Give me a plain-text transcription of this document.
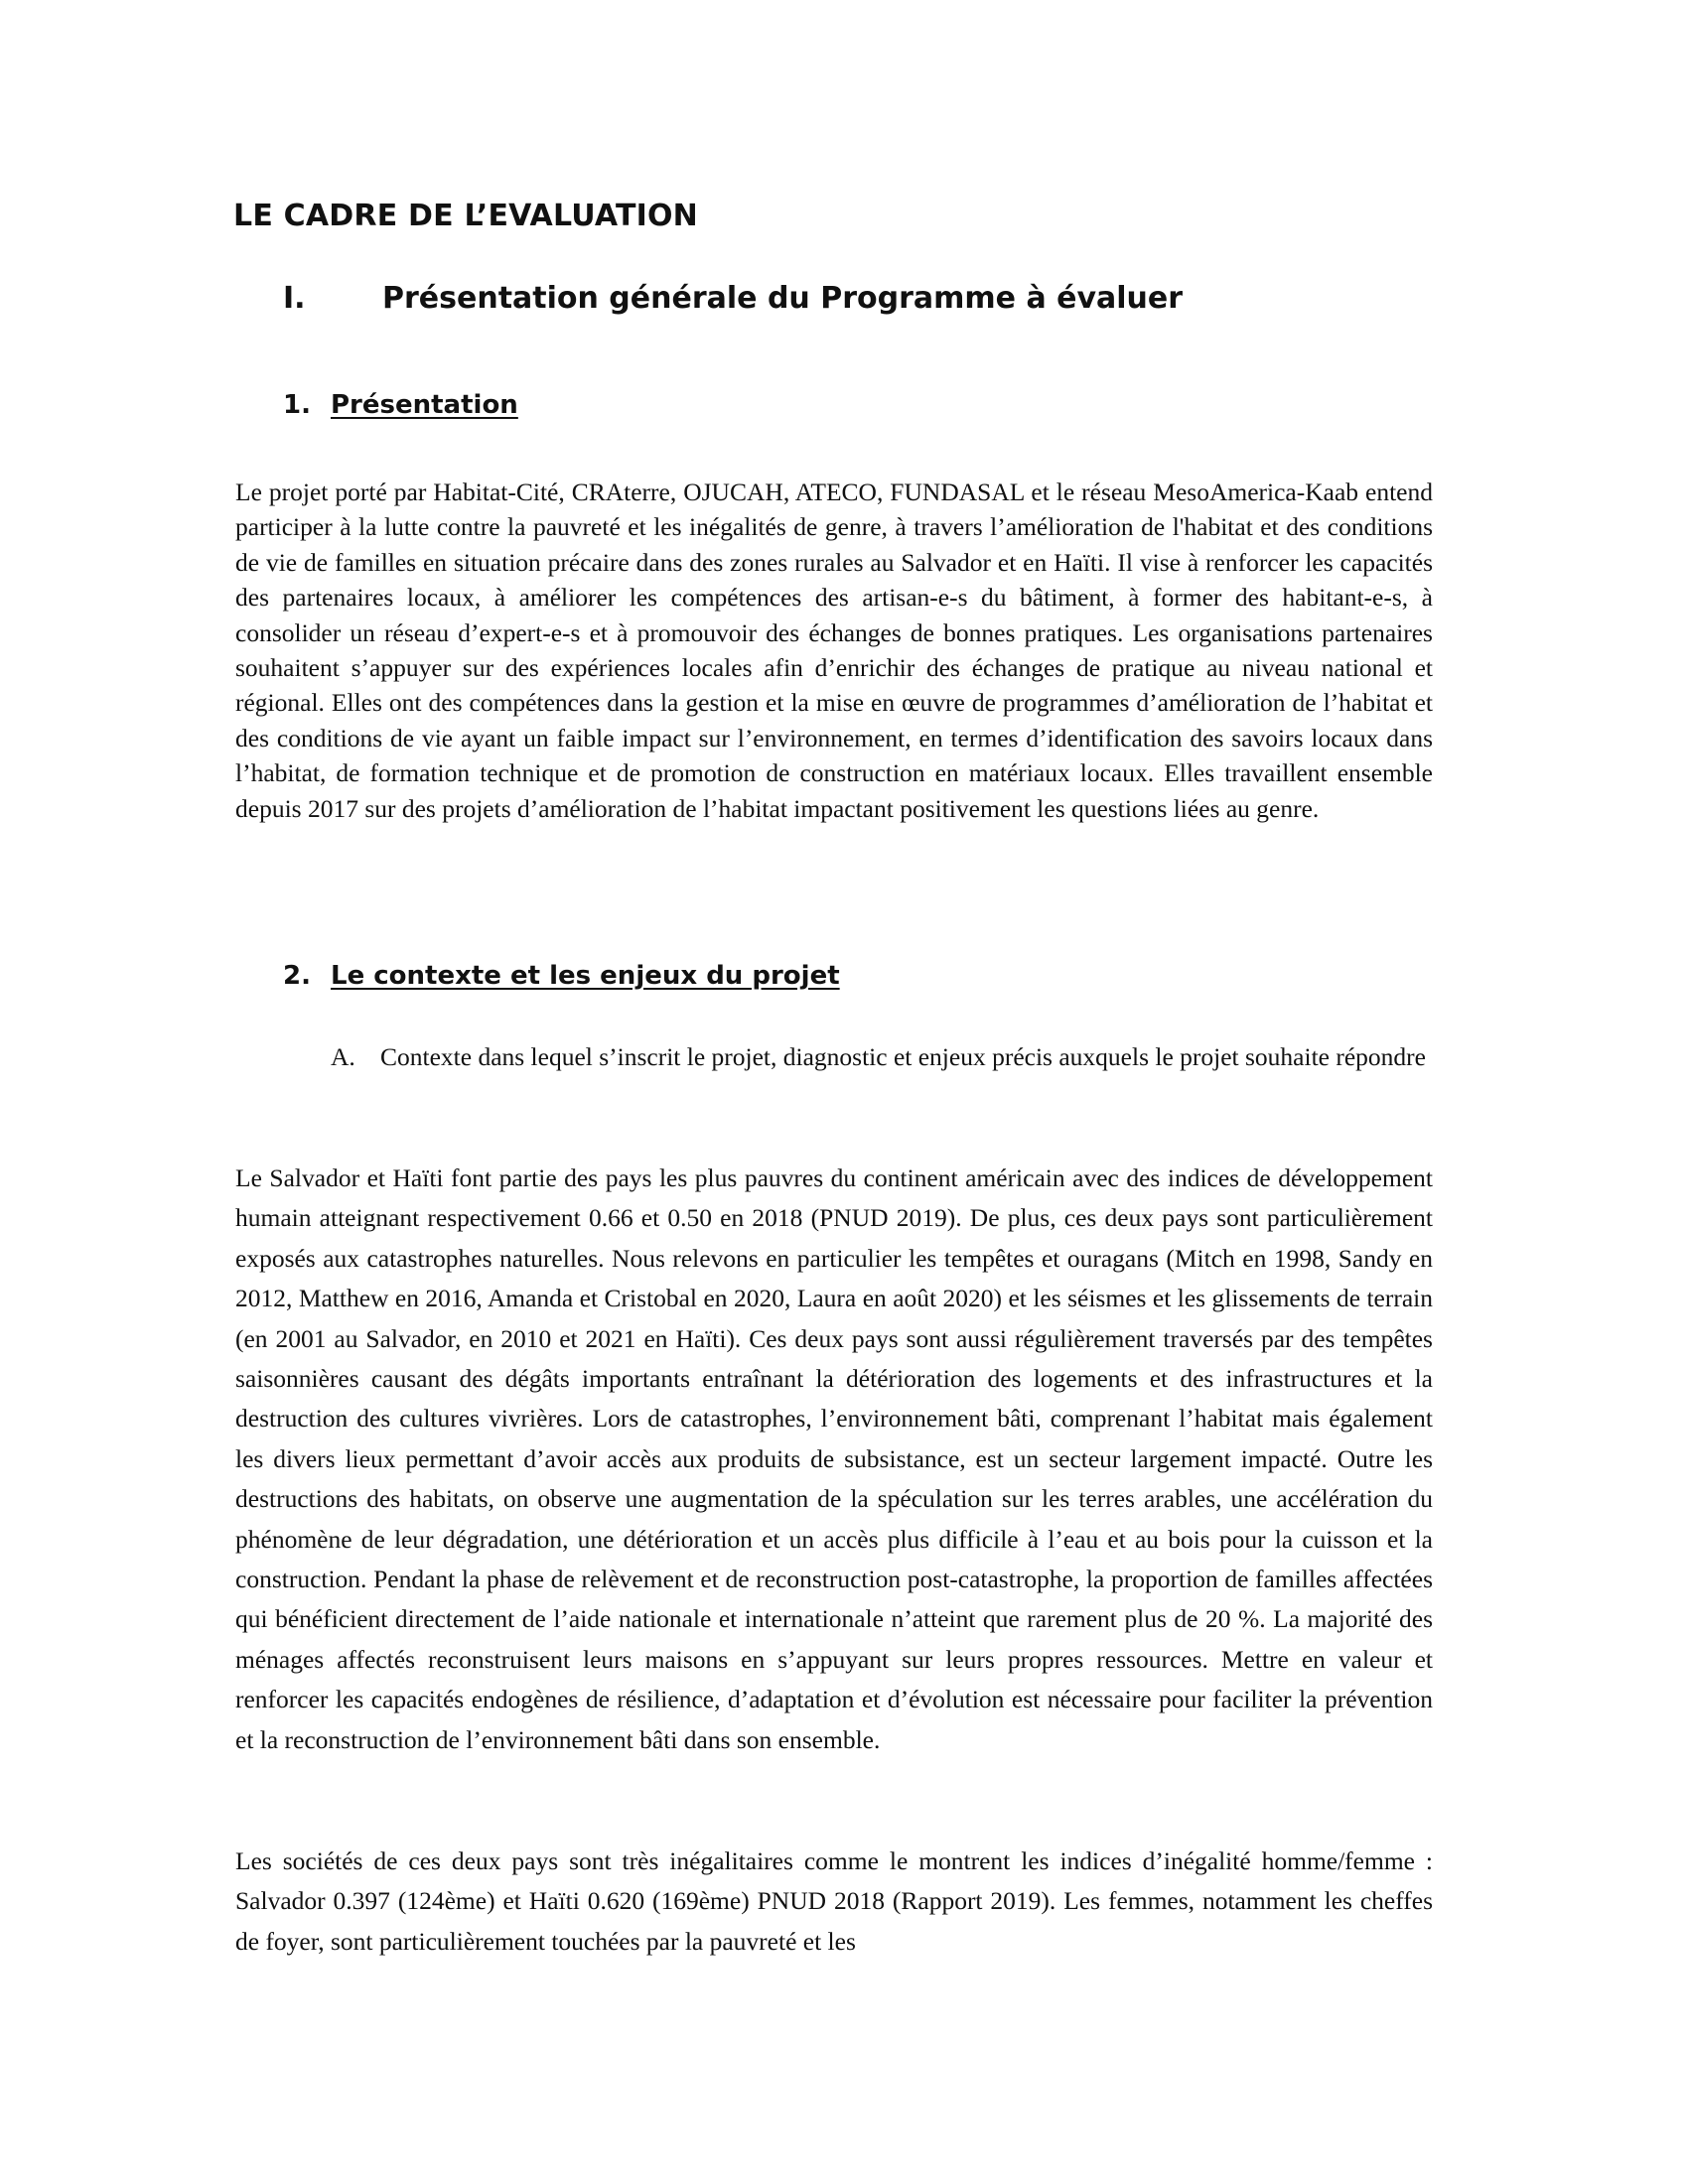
LE CADRE DE L’EVALUATION
I.	Présentation générale du Programme à évaluer
1. Présentation

Le projet porté par Habitat-Cité, CRAterre, OJUCAH, ATECO, FUNDASAL et le réseau MesoAmerica-Kaab entend participer à la lutte contre la pauvreté et les inégalités de genre, à travers l’amélioration de l'habitat et des conditions de vie de familles en situation précaire dans des zones rurales au Salvador et en Haïti. Il vise à renforcer les capacités des partenaires locaux, à améliorer les compétences des artisan-e-s du bâtiment, à former des habitant-e-s, à consolider un réseau d’expert-e-s et à promouvoir des échanges de bonnes pratiques. Les organisations partenaires souhaitent s’appuyer sur des expériences locales afin d’enrichir des échanges de pratique au niveau national et régional. Elles ont des compétences dans la gestion et la mise en œuvre de programmes d’amélioration de l’habitat et des conditions de vie ayant un faible impact sur l’environnement, en termes d’identification des savoirs locaux dans l’habitat, de formation technique et de promotion de construction en matériaux locaux. Elles travaillent ensemble depuis 2017 sur des projets d’amélioration de l’habitat impactant positivement les questions liées au genre.

2. Le contexte et les enjeux du projet
A. Contexte dans lequel s’inscrit le projet, diagnostic et enjeux précis auxquels le projet souhaite répondre

Le Salvador et Haïti font partie des pays les plus pauvres du continent américain avec des indices de développement humain atteignant respectivement 0.66 et 0.50 en 2018 (PNUD 2019). De plus, ces deux pays sont particulièrement exposés aux catastrophes naturelles. Nous relevons en particulier les tempêtes et ouragans (Mitch en 1998, Sandy en 2012, Matthew en 2016, Amanda et Cristobal en 2020, Laura en août 2020) et les séismes et les glissements de terrain (en 2001 au Salvador, en 2010 et 2021 en Haïti). Ces deux pays sont aussi régulièrement traversés par des tempêtes saisonnières causant des dégâts importants entraînant la détérioration des logements et des infrastructures et la destruction des cultures vivrières. Lors de catastrophes, l’environnement bâti, comprenant l’habitat mais également les divers lieux permettant d’avoir accès aux produits de subsistance, est un secteur largement impacté. Outre les destructions des habitats, on observe une augmentation de la spéculation sur les terres arables, une accélération du phénomène de leur dégradation, une détérioration et un accès plus difficile à l’eau et au bois pour la cuisson et la construction. Pendant la phase de relèvement et de reconstruction post-catastrophe, la proportion de familles affectées qui bénéficient directement de l’aide nationale et internationale n’atteint que rarement plus de 20 %. La majorité des ménages affectés reconstruisent leurs maisons en s’appuyant sur leurs propres ressources. Mettre en valeur et renforcer les capacités endogènes de résilience, d’adaptation et d’évolution est nécessaire pour faciliter la prévention et la reconstruction de l’environnement bâti dans son ensemble.

Les sociétés de ces deux pays sont très inégalitaires comme le montrent les indices d’inégalité homme/femme : Salvador 0.397 (124ème) et Haïti 0.620 (169ème) PNUD 2018 (Rapport 2019). Les femmes, notamment les cheffes de foyer, sont particulièrement touchées par la pauvreté et les
